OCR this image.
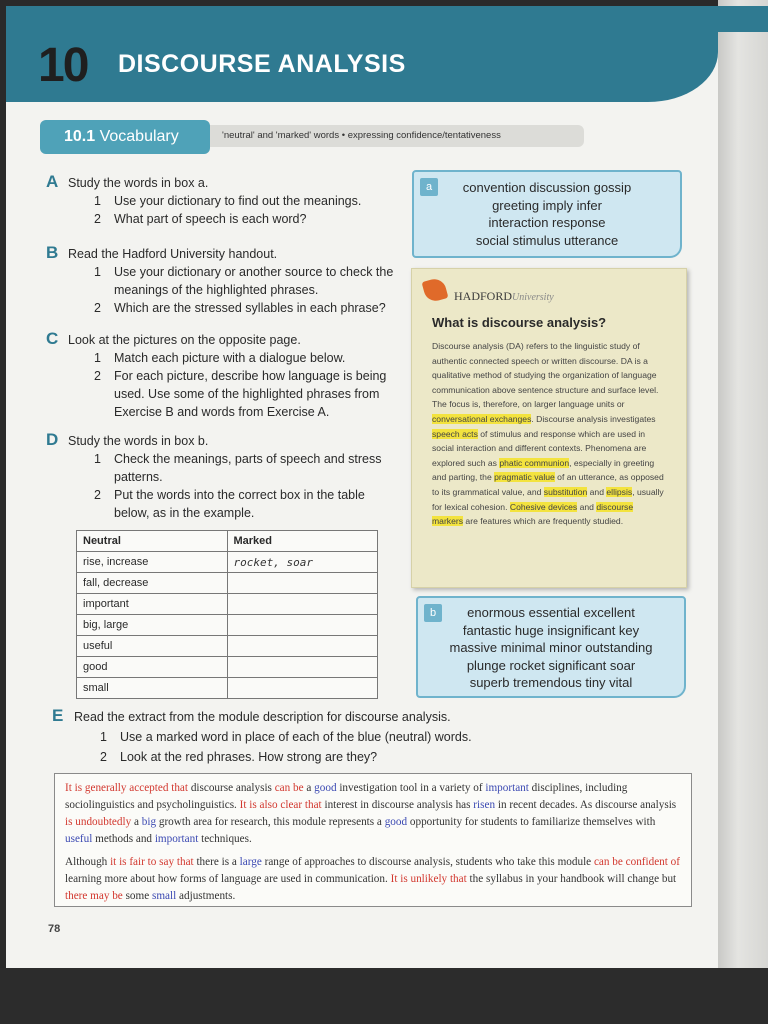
10 DISCOURSE ANALYSIS
10.1 Vocabulary	'neutral' and 'marked' words • expressing confidence/tentativeness
A Study the words in box a.
1 Use your dictionary to find out the meanings.
2 What part of speech is each word?
B Read the Hadford University handout.
1 Use your dictionary or another source to check the meanings of the highlighted phrases.
2 Which are the stressed syllables in each phrase?
C Look at the pictures on the opposite page.
1 Match each picture with a dialogue below.
2 For each picture, describe how language is being used. Use some of the highlighted phrases from Exercise B and words from Exercise A.
D Study the words in box b.
1 Check the meanings, parts of speech and stress patterns.
2 Put the words into the correct box in the table below, as in the example.
a	convention discussion gossip
greeting imply infer
interaction response
social stimulus utterance
HADFORDUniversity
What is discourse analysis?
Discourse analysis (DA) refers to the linguistic study of authentic connected speech or written discourse. DA is a qualitative method of studying the organization of language communication above sentence structure and surface level. The focus is, therefore, on larger language units or conversational exchanges. Discourse analysis investigates speech acts of stimulus and response which are used in social interaction and different contexts. Phenomena are explored such as phatic communion, especially in greeting and parting, the pragmatic value of an utterance, as opposed to its grammatical value, and substitution and ellipsis, usually for lexical cohesion. Cohesive devices and discourse markers are features which are frequently studied.
b	enormous essential excellent
fantastic huge insignificant key
massive minimal minor outstanding
plunge rocket significant soar
superb tremendous tiny vital
Neutral	Marked
rise, increase	rocket, soar
fall, decrease	
important	
big, large	
useful	
good	
small	
E Read the extract from the module description for discourse analysis.
1 Use a marked word in place of each of the blue (neutral) words.
2 Look at the red phrases. How strong are they?

It is generally accepted that discourse analysis can be a good investigation tool in a variety of important disciplines, including sociolinguistics and psycholinguistics. It is also clear that interest in discourse analysis has risen in recent decades. As discourse analysis is undoubtedly a big growth area for research, this module represents a good opportunity for students to familiarize themselves with useful methods and important techniques.

Although it is fair to say that there is a large range of approaches to discourse analysis, students who take this module can be confident of learning more about how forms of language are used in communication. It is unlikely that the syllabus in your handbook will change but there may be some small adjustments.

78
